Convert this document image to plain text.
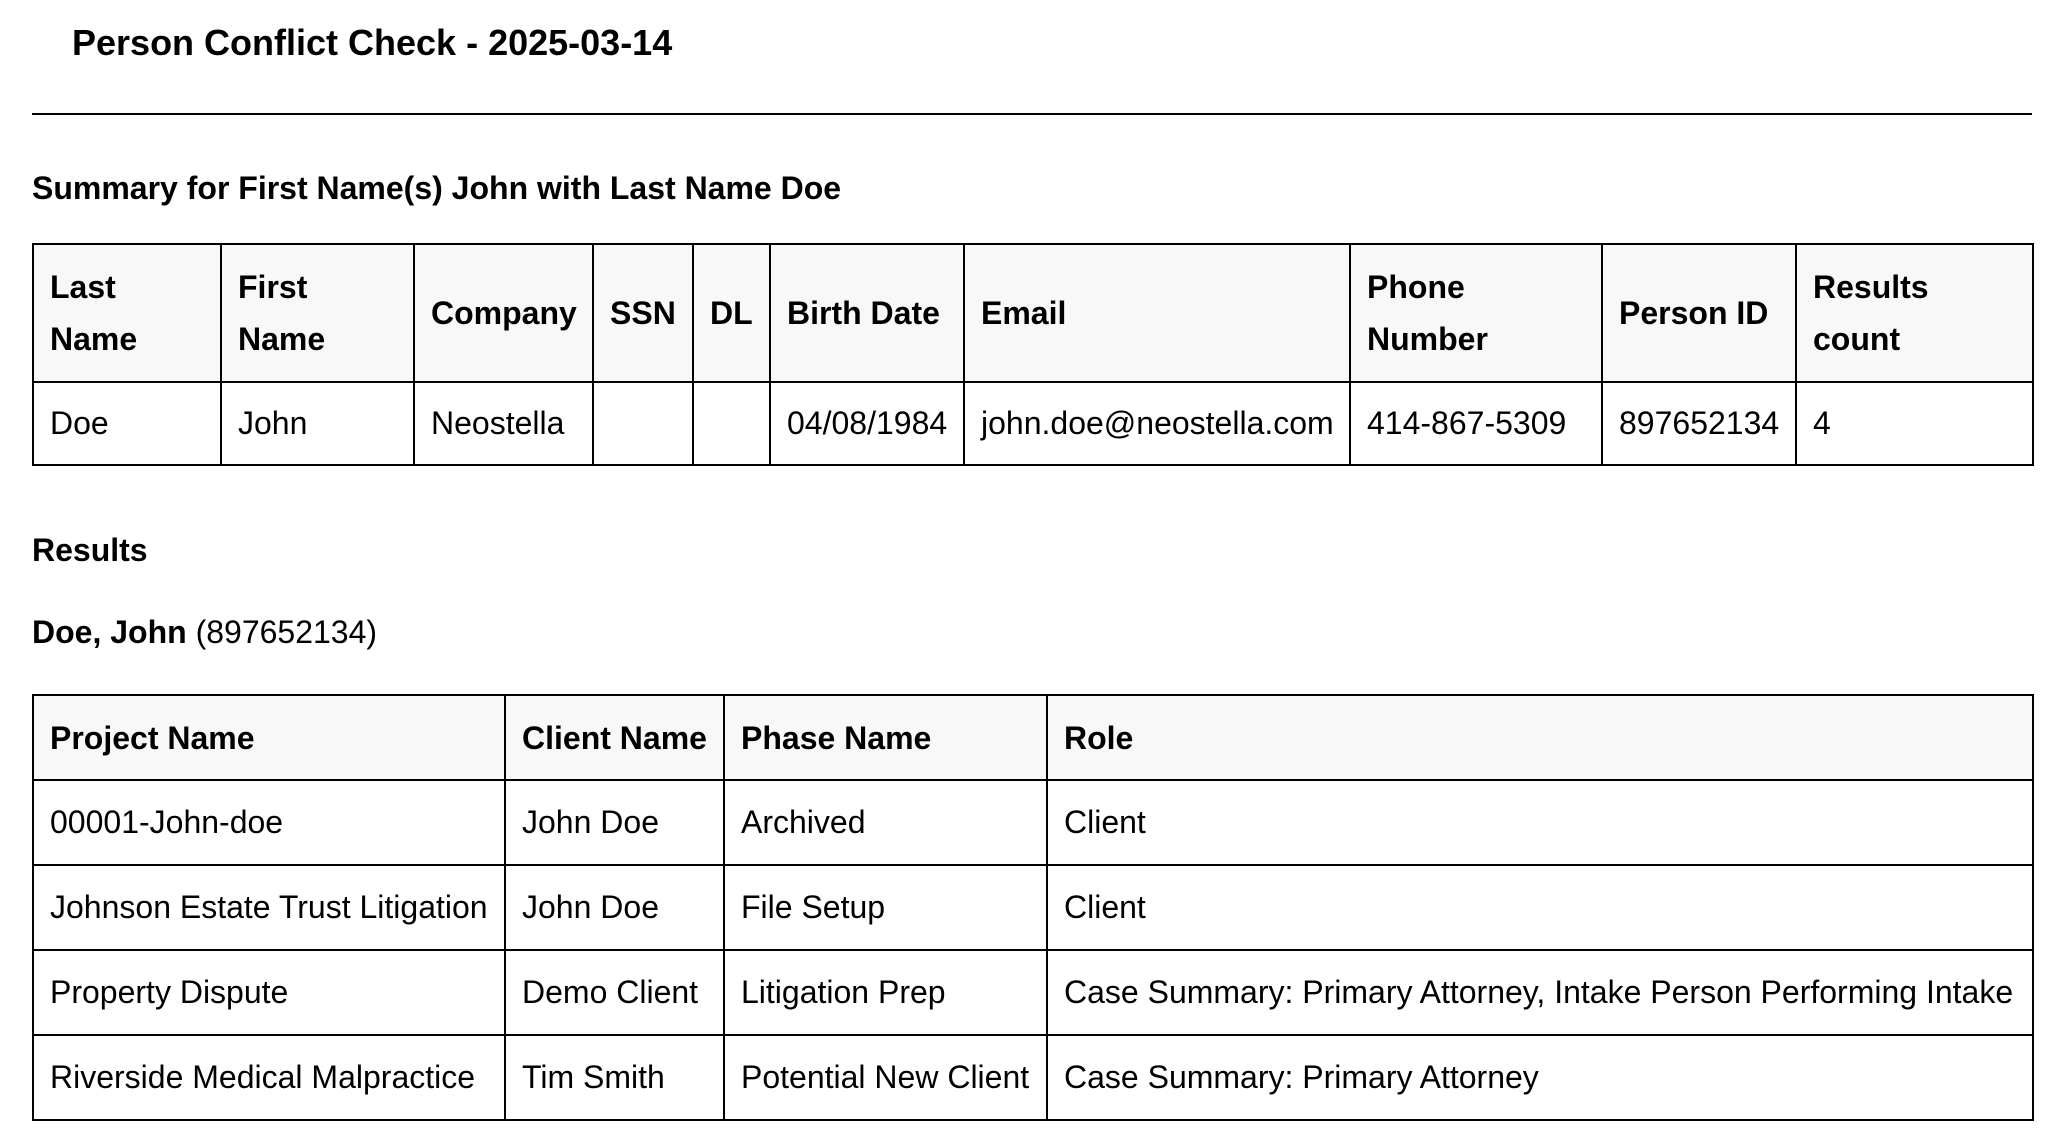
Person Conflict Check - 2025-03-14
Summary for First Name(s) John with Last Name Doe
Last Name	First Name	Company	SSN	DL	Birth Date	Email	Phone Number	Person ID	Results count
Doe	John	Neostella			04/08/1984	john.doe@neostella.com	414-867-5309	897652134	4
Results

Doe, John (897652134)

Project Name	Client Name	Phase Name	Role
00001-John-doe	John Doe	Archived	Client
Johnson Estate Trust Litigation	John Doe	File Setup	Client
Property Dispute	Demo Client	Litigation Prep	Case Summary: Primary Attorney, Intake Person Performing Intake
Riverside Medical Malpractice	Tim Smith	Potential New Client	Case Summary: Primary Attorney
